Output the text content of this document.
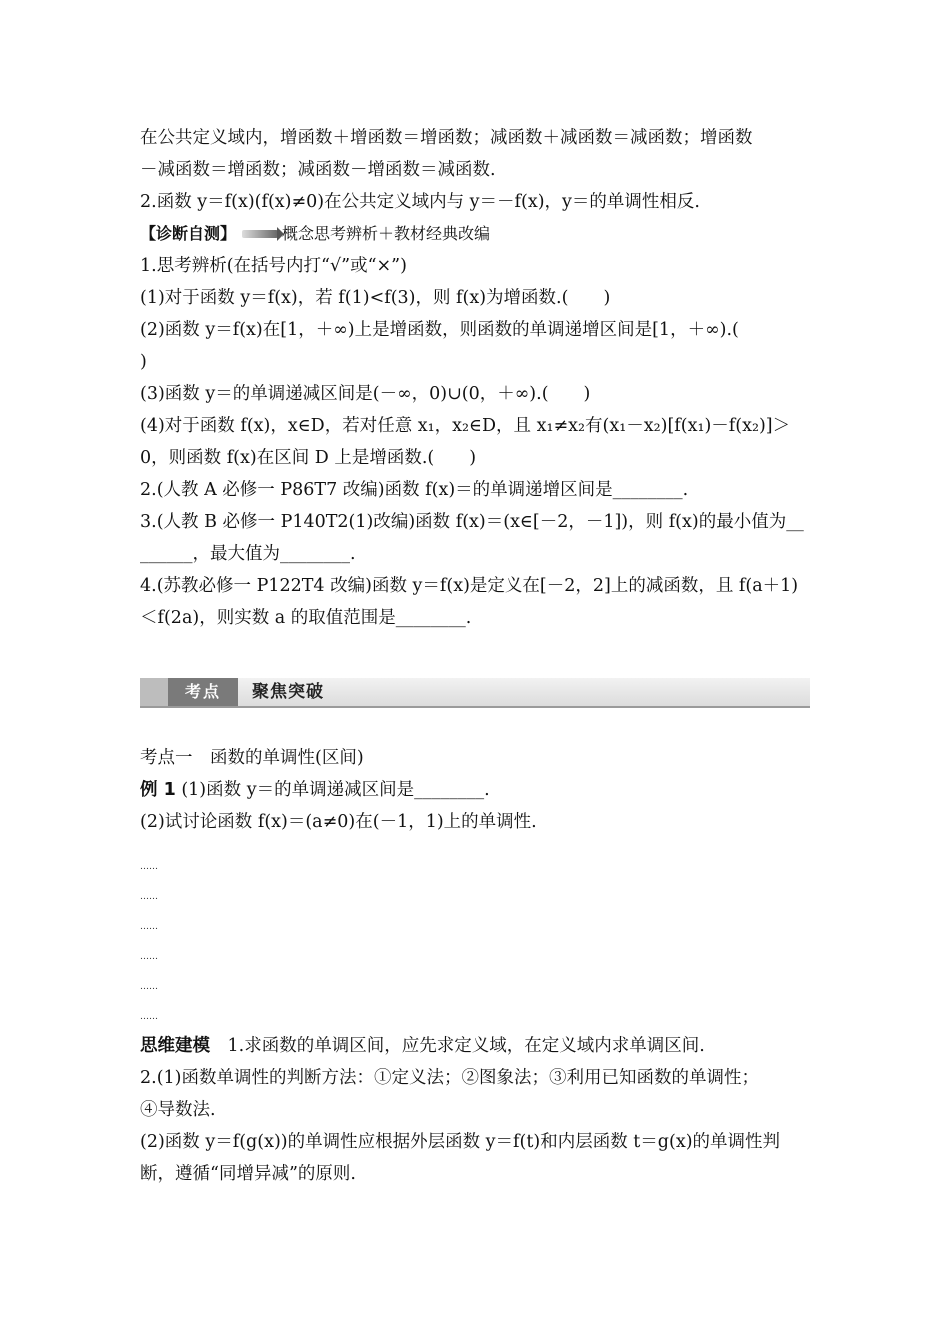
在公共定义域内，增函数＋增函数＝增函数；减函数＋减函数＝减函数；增函数
－减函数＝增函数；减函数－增函数＝减函数.
2.函数 y＝f(x)(f(x)≠0)在公共定义域内与 y＝－f(x)，y＝的单调性相反.
【诊断自测】	概念思考辨析＋教材经典改编
1.思考辨析(在括号内打“√”或“×”)
(1)对于函数 y＝f(x)，若 f(1)<f(3)，则 f(x)为增函数.(　　)
(2)函数 y＝f(x)在[1，＋∞)上是增函数，则函数的单调递增区间是[1，＋∞).(
)
(3)函数 y＝的单调递减区间是(－∞，0)∪(0，＋∞).(　　)
(4)对于函数 f(x)，x∈D，若对任意 x₁，x₂∈D，且 x₁≠x₂有(x₁－x₂)[f(x₁)－f(x₂)]＞
0，则函数 f(x)在区间 D 上是增函数.(　　)
2.(人教 A 必修一 P86T7 改编)函数 f(x)＝的单调递增区间是________.
3.(人教 B 必修一 P140T2(1)改编)函数 f(x)＝(x∈[－2，－1])，则 f(x)的最小值为__
______，最大值为________.
4.(苏教必修一 P122T4 改编)函数 y＝f(x)是定义在[－2，2]上的减函数，且 f(a＋1)
＜f(2a)，则实数 a 的取值范围是________.
考点	聚焦突破
考点一　函数的单调性(区间)
例 1 (1)函数 y＝的单调递减区间是________.
(2)试讨论函数 f(x)＝(a≠0)在(－1，1)上的单调性.
……
……
……
……
……
……
思维建模　1.求函数的单调区间，应先求定义域，在定义域内求单调区间.
2.(1)函数单调性的判断方法：①定义法；②图象法；③利用已知函数的单调性；
④导数法.
(2)函数 y＝f(g(x))的单调性应根据外层函数 y＝f(t)和内层函数 t＝g(x)的单调性判
断，遵循“同增异减”的原则.
